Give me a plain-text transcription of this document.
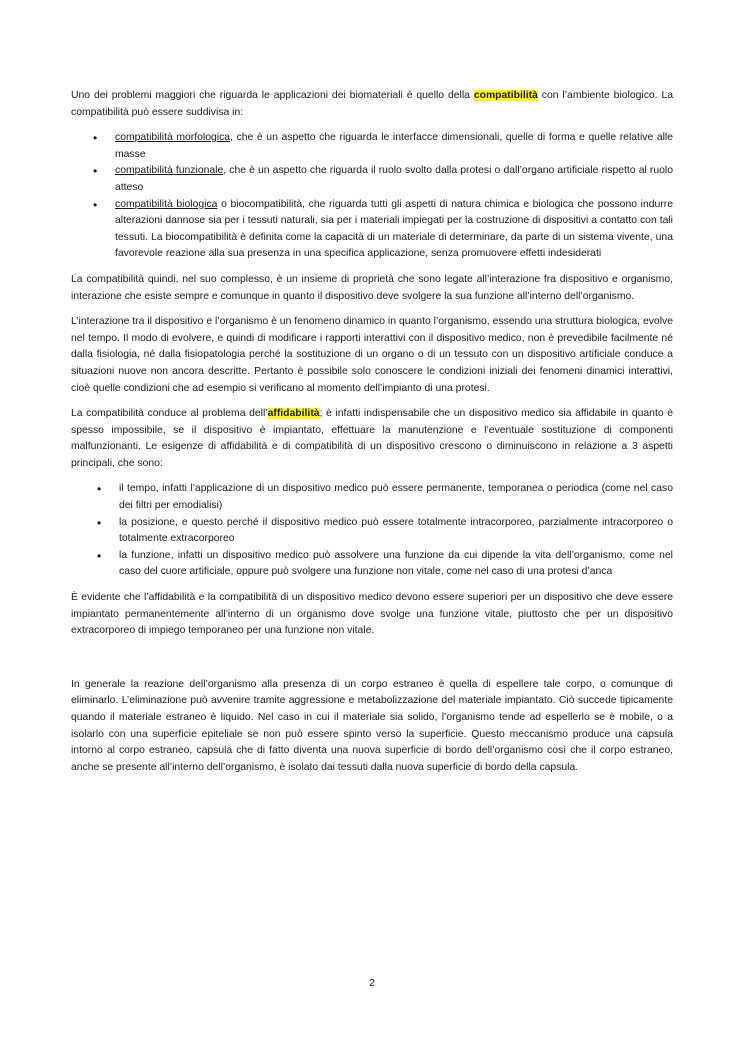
Uno dei problemi maggiori che riguarda le applicazioni dei biomateriali è quello della compatibilità con l’ambiente biologico. La compatibilità può essere suddivisa in:

• compatibilità morfologica, che è un aspetto che riguarda le interfacce dimensionali, quelle di forma e quelle relative alle masse
• compatibilità funzionale, che è un aspetto che riguarda il ruolo svolto dalla protesi o dall’organo artificiale rispetto al ruolo atteso
• compatibilità biologica o biocompatibilità, che riguarda tutti gli aspetti di natura chimica e biologica che possono indurre alterazioni dannose sia per i tessuti naturali, sia per i materiali impiegati per la costruzione di dispositivi a contatto con tali tessuti. La biocompatibilità è definita come la capacità di un materiale di determinare, da parte di un sistema vivente, una favorevole reazione alla sua presenza in una specifica applicazione, senza promuovere effetti indesiderati

La compatibilità quindi, nel suo complesso, è un insieme di proprietà che sono legate all’interazione fra dispositivo e organismo, interazione che esiste sempre e comunque in quanto il dispositivo deve svolgere la sua funzione all’interno dell’organismo.

L’interazione tra il dispositivo e l’organismo è un fenomeno dinamico in quanto l’organismo, essendo una struttura biologica, evolve nel tempo. Il modo di evolvere, e quindi di modificare i rapporti interattivi con il dispositivo medico, non è prevedibile facilmente né dalla fisiologia, né dalla fisiopatologia perché la sostituzione di un organo o di un tessuto con un dispositivo artificiale conduce a situazioni nuove non ancora descritte. Pertanto è possibile solo conoscere le condizioni iniziali dei fenomeni dinamici interattivi, cioè quelle condizioni che ad esempio si verificano al momento dell’impianto di una protesi.

La compatibilità conduce al problema dell’affidabilità; è infatti indispensabile che un dispositivo medico sia affidabile in quanto è spesso impossibile, se il dispositivo è impiantato, effettuare la manutenzione e l’eventuale sostituzione di componenti malfunzionanti. Le esigenze di affidabilità e di compatibilità di un dispositivo crescono o diminuiscono in relazione a 3 aspetti principali, che sono:

• il tempo, infatti l’applicazione di un dispositivo medico può essere permanente, temporanea o periodica (come nel caso dei filtri per emodialisi)
• la posizione, e questo perché il dispositivo medico può essere totalmente intracorporeo, parzialmente intracorporeo o totalmente extracorporeo
• la funzione, infatti un dispositivo medico può assolvere una funzione da cui dipende la vita dell’organismo, come nel caso del cuore artificiale, oppure può svolgere una funzione non vitale, come nel caso di una protesi d’anca

È evidente che l’affidabilità e la compatibilità di un dispositivo medico devono essere superiori per un dispositivo che deve essere impiantato permanentemente all’interno di un organismo dove svolge una funzione vitale, piuttosto che per un dispositivo extracorporeo di impiego temporaneo per una funzione non vitale.

In generale la reazione dell’organismo alla presenza di un corpo estraneo è quella di espellere tale corpo, o comunque di eliminarlo. L’eliminazione può avvenire tramite aggressione e metabolizzazione del materiale impiantato. Ciò succede tipicamente quando il materiale estraneo è liquido. Nel caso in cui il materiale sia solido, l’organismo tende ad espellerlo se è mobile, o a isolarlo con una superficie epiteliale se non può essere spinto verso la superficie. Questo meccanismo produce una capsula intorno al corpo estraneo, capsula che di fatto diventa una nuova superficie di bordo dell’organismo così che il corpo estraneo, anche se presente all’interno dell’organismo, è isolato dai tessuti dalla nuova superficie di bordo della capsula.

2
